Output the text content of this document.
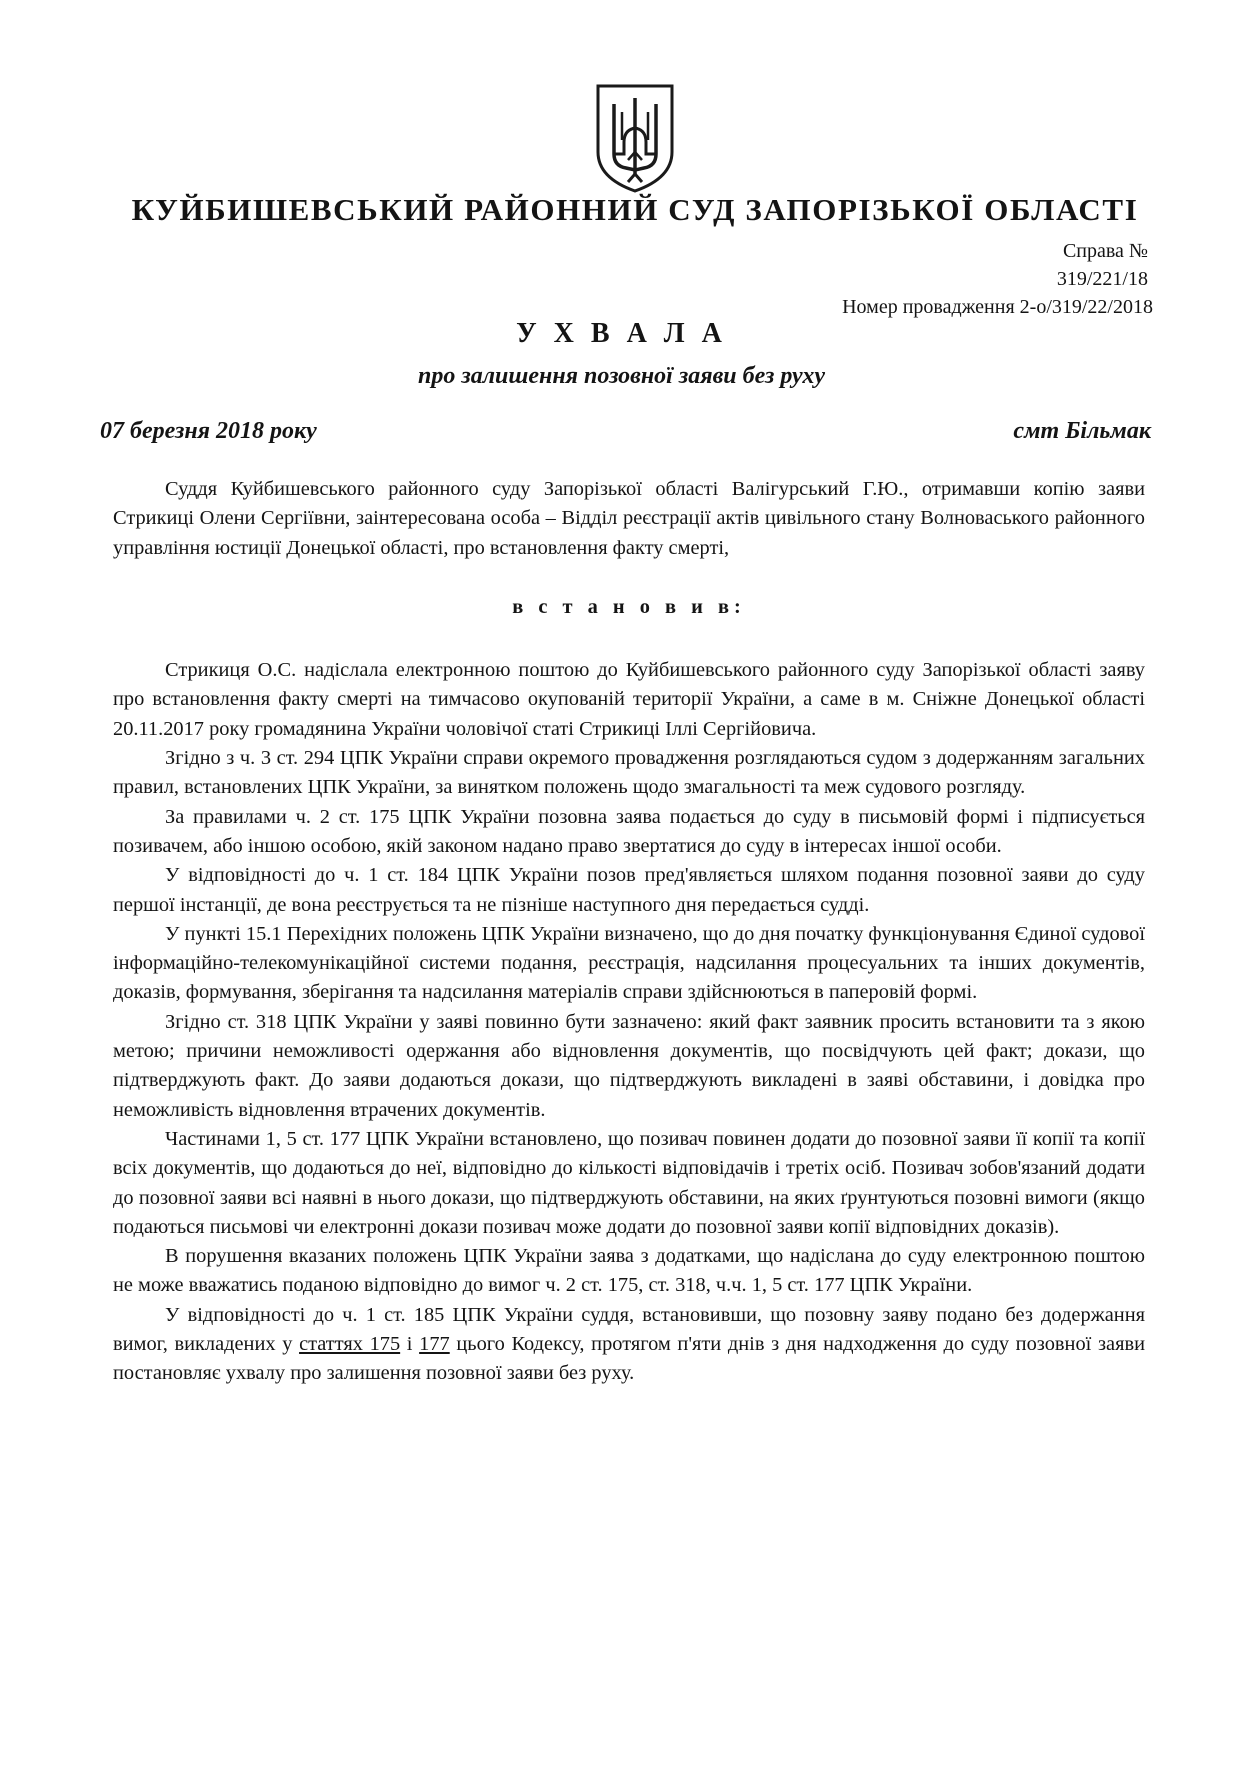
КУЙБИШЕВСЬКИЙ РАЙОННИЙ СУД ЗАПОРІЗЬКОЇ ОБЛАСТІ
Справа №
319/221/18
Номер провадження 2-о/319/22/2018
У Х В А Л А
про залишення позовної заяви без руху
07 березня 2018 року	смт Більмак

Суддя Куйбишевського районного суду Запорізької області Валігурський Г.Ю., отримавши копію заяви Стрикиці Олени Сергіївни, заінтересована особа – Відділ реєстрації актів цивільного стану Волноваського районного управління юстиції Донецької області, про встановлення факту смерті,

в с т а н о в и в:

Стрикиця О.С. надіслала електронною поштою до Куйбишевського районного суду Запорізької області заяву про встановлення факту смерті на тимчасово окупованій території України, а саме в м. Сніжне Донецької області 20.11.2017 року громадянина України чоловічої статі Стрикиці Іллі Сергійовича.

Згідно з ч. 3 ст. 294 ЦПК України справи окремого провадження розглядаються судом з додержанням загальних правил, встановлених ЦПК України, за винятком положень щодо змагальності та меж судового розгляду.

За правилами ч. 2 ст. 175 ЦПК України позовна заява подається до суду в письмовій формі і підписується позивачем, або іншою особою, якій законом надано право звертатися до суду в інтересах іншої особи.

У відповідності до ч. 1 ст. 184 ЦПК України позов пред'являється шляхом подання позовної заяви до суду першої інстанції, де вона реєструється та не пізніше наступного дня передається судді.

У пункті 15.1 Перехідних положень ЦПК України визначено, що до дня початку функціонування Єдиної судової інформаційно-телекомунікаційної системи подання, реєстрація, надсилання процесуальних та інших документів, доказів, формування, зберігання та надсилання матеріалів справи здійснюються в паперовій формі.

Згідно ст. 318 ЦПК України у заяві повинно бути зазначено: який факт заявник просить встановити та з якою метою; причини неможливості одержання або відновлення документів, що посвідчують цей факт; докази, що підтверджують факт. До заяви додаються докази, що підтверджують викладені в заяві обставини, і довідка про неможливість відновлення втрачених документів.

Частинами 1, 5 ст. 177 ЦПК України встановлено, що позивач повинен додати до позовної заяви її копії та копії всіх документів, що додаються до неї, відповідно до кількості відповідачів і третіх осіб. Позивач зобов'язаний додати до позовної заяви всі наявні в нього докази, що підтверджують обставини, на яких ґрунтуються позовні вимоги (якщо подаються письмові чи електронні докази позивач може додати до позовної заяви копії відповідних доказів).

В порушення вказаних положень ЦПК України заява з додатками, що надіслана до суду електронною поштою не може вважатись поданою відповідно до вимог ч. 2 ст. 175, ст. 318, ч.ч. 1, 5 ст. 177 ЦПК України.

У відповідності до ч. 1 ст. 185 ЦПК України суддя, встановивши, що позовну заяву подано без додержання вимог, викладених у статтях 175 і 177 цього Кодексу, протягом п'яти днів з дня надходження до суду позовної заяви постановляє ухвалу про залишення позовної заяви без руху.
